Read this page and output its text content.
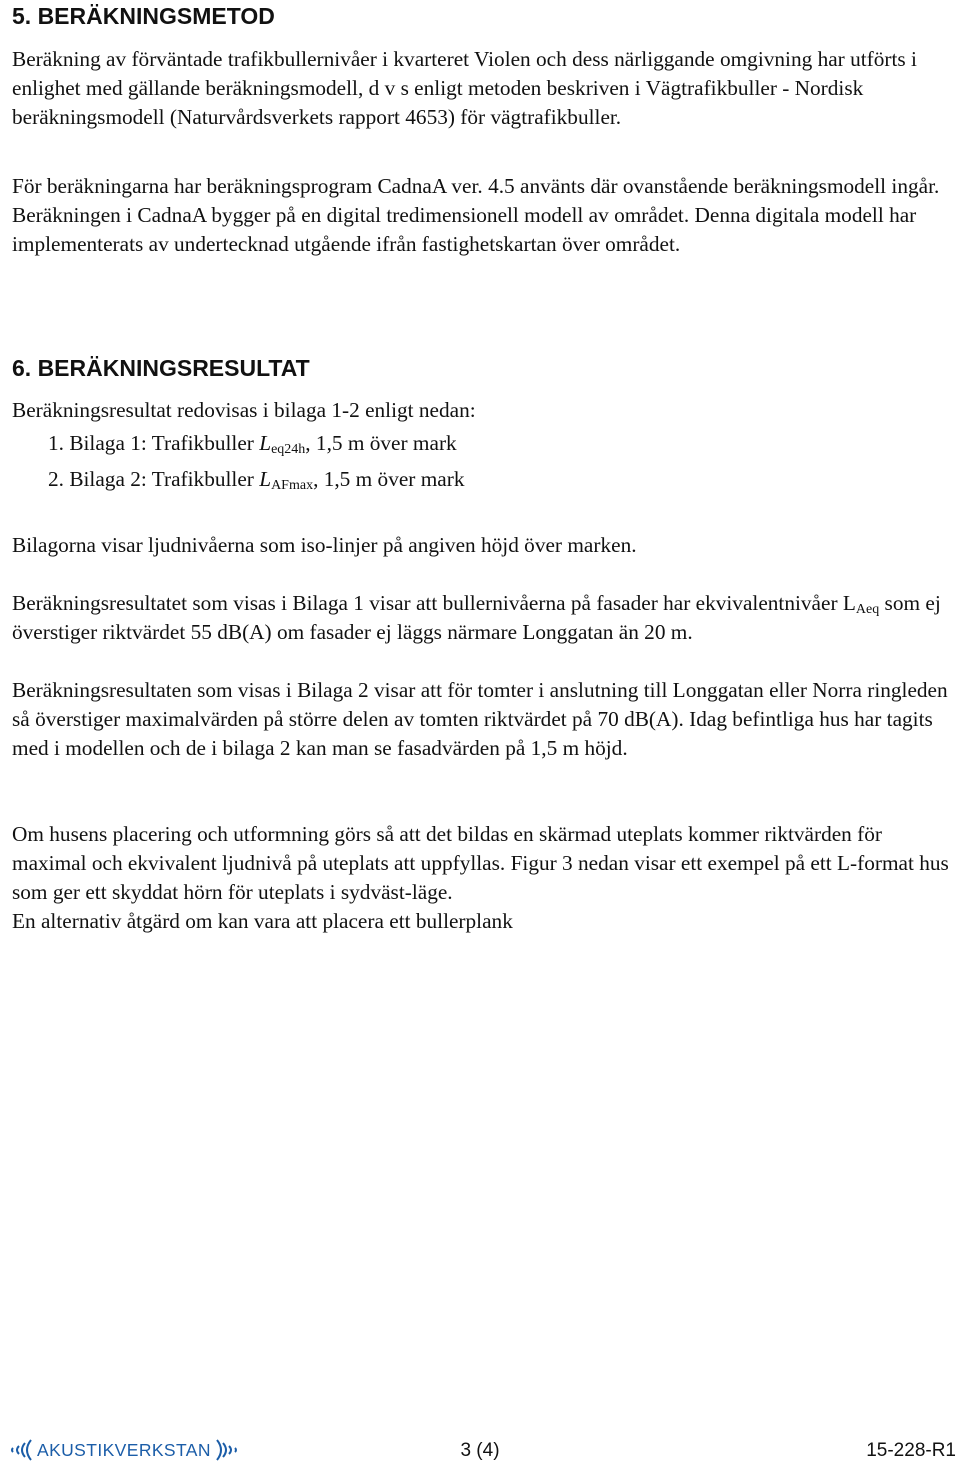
5. BERÄKNINGSMETOD

Beräkning av förväntade trafikbullernivåer i kvarteret Violen och dess närliggande omgivning har utförts i enlighet med gällande beräkningsmodell, d v s enligt metoden beskriven i Vägtrafikbuller - Nordisk beräkningsmodell (Naturvårdsverkets rapport 4653) för vägtrafikbuller.

För beräkningarna har beräkningsprogram CadnaA ver. 4.5 använts där ovanstående beräkningsmodell ingår. Beräkningen i CadnaA bygger på en digital tredimensionell modell av området. Denna digitala modell har implementerats av undertecknad utgående ifrån fastighetskartan över området.

6. BERÄKNINGSRESULTAT

Beräkningsresultat redovisas i bilaga 1-2 enligt nedan:

1. Bilaga 1: Trafikbuller $L_{eq24h}$, 1,5 m över mark
2. Bilaga 2: Trafikbuller $L_{AFmax}$, 1,5 m över mark

Bilagorna visar ljudnivåerna som iso-linjer på angiven höjd över marken.

Beräkningsresultatet som visas i Bilaga 1 visar att bullernivåerna på fasader har ekvivalentnivåer $L_{Aeq}$ som ej överstiger riktvärdet 55 dB(A) om fasader ej läggs närmare Longgatan än 20 m.

Beräkningsresultaten som visas i Bilaga 2 visar att för tomter i anslutning till Longgatan eller Norra ringleden så överstiger maximalvärden på större delen av tomten riktvärdet på 70 dB(A). Idag befintliga hus har tagits med i modellen och de i bilaga 2 kan man se fasadvärden på 1,5 m höjd.

Om husens placering och utformning görs så att det bildas en skärmad uteplats kommer riktvärden för maximal och ekvivalent ljudnivå på uteplats att uppfyllas. Figur 3 nedan visar ett exempel på ett L-format hus som ger ett skyddat hörn för uteplats i sydväst-läge.

En alternativ åtgärd om kan vara att placera ett bullerplank

AKUSTIKVERKSTAN	3 (4)	15-228-R1
